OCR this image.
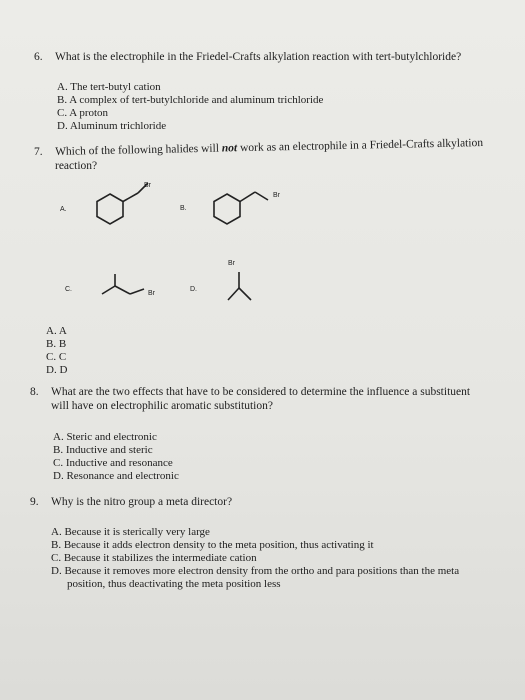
6. What is the electrophile in the Friedel-Crafts alkylation reaction with tert-butylchloride?
A. The tert-butyl cation
B. A complex of tert-butylchloride and aluminum trichloride
C. A proton
D. Aluminum trichloride
7. Which of the following halides will not work as an electrophile in a Friedel-Crafts alkylation
reaction?
A.
Br
B.
Br
C.
Br
D.
Br
A. A
B. B
C. C
D. D
8. What are the two effects that have to be considered to determine the influence a substituent
will have on electrophilic aromatic substitution?
A. Steric and electronic
B. Inductive and steric
C. Inductive and resonance
D. Resonance and electronic
9. Why is the nitro group a meta director?
A. Because it is sterically very large
B. Because it adds electron density to the meta position, thus activating it
C. Because it stabilizes the intermediate cation
D. Because it removes more electron density from the ortho and para positions than the meta
position, thus deactivating the meta position less
